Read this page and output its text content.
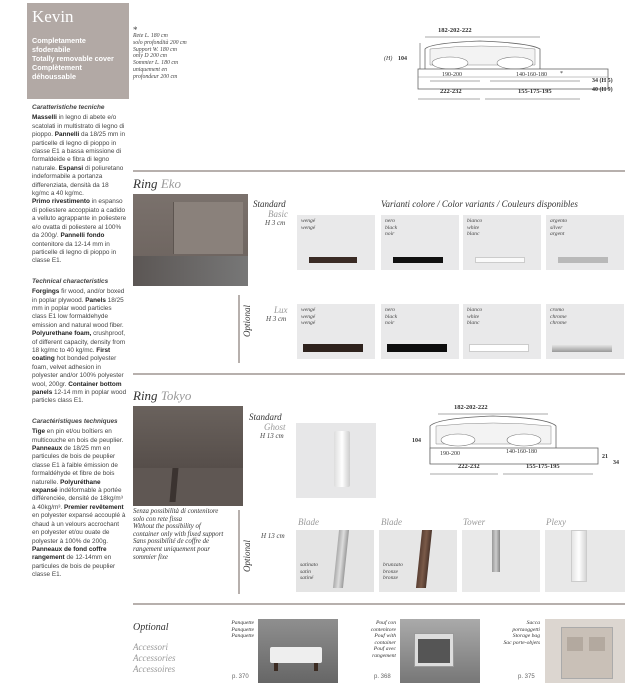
Kevin
Completamente sfoderabile
Totally removable cover
Complètement déhoussable
*
Rete L. 180 cm
solo profondità 200 cm
Support W. 180 cm
only D 200 cm
Sommier L. 180 cm
uniquement en
profondeur 200 cm
182-202-222
(H) 104
190-200	140-160-180 *
222-232	155-175-195
34 (H 5)
40 (H 9)
Caratteristiche tecniche
Masselli in legno di abete e/o scatolati in multistrato di legno di pioppo. Pannelli da 18/25 mm in particelle di legno di pioppo in classe E1 a bassa emissione di formaldeide e fibra di legno naturale. Espansi di poliuretano indeformabile a portanza differenziata, densità da 18 kg/mc a 40 kg/mc.
Primo rivestimento in espanso di poliestere accoppiato a cadido a velluto agrappante in poliestere e/o ovatta di poliestere al 100% da 200g/. Pannelli fondo contenitore da 12-14 mm in particelle di legno di pioppo in classe E1.
Technical characteristics
Forgings fir wood, and/or boxed in poplar plywood. Panels 18/25 mm in poplar wood particles class E1 low formaldehyde emission and natural wood fiber. Polyurethane foam, crushproof, of different capacity, density from 18 kg/mc to 40 kg/mc. First coating hot bonded polyester foam, velvet adhesion in polyester and/or 100% polyester wool, 200gr. Container bottom panels 12-14 mm in poplar wood particles class E1.
Caractéristiques techniques
Tige en pin et/ou boîtiers en multicouche en bois de peuplier. Panneaux de 18/25 mm en particules de bois de peuplier classe E1 à faible émission de formaldéhyde et fibre de bois naturelle. Polyuréthane expansé indéformable à portée différenciée, densité de 18kg/m³ à 40kg/m³. Premier revêtement en polyester expansé accouplé à chaud à un velours accrochant en polyester et/ou ouate de polyester à 100% de 200g. Panneaux de fond coffre rangement de 12-14mm en particules de bois de peuplier classe E1.
Ring Eko
Standard
Basic
H 3 cm
Varianti colore / Color variants / Couleurs disponibles
wengé
wengé
nero
black
noir
bianco
white
blanc
argento
silver
argent
Optional Lux
H 3 cm
wengé
wengé
wengé
nero
black
noir
bianco
white
blanc
cromo
chrome
chrome
Ring Tokyo
Standard
Ghost
H 13 cm
182-202-222
104
190-200	140-160-180
222-232	155-175-195
21
34
Senza possibilità di contenitore
solo con rete fissa
Without the possibility of
container only with fixed support
Sans possibilité de coffre de
rangement uniquement pour
sommier fixe	Optional
H 13 cm
Blade
satinato
satin
satiné
Blade
brunzato
bronze
bronze
Tower	Plexy
Optional
Accessori
Accessories
Accessoires
Panquette
Panquette
Panquette
p. 370
Pouf con
contenitore
Pouf with
container
Pouf avec
rangement
p. 368
Sacca
portaoggetti
Storage bag
Sac porte-objets
p. 375
